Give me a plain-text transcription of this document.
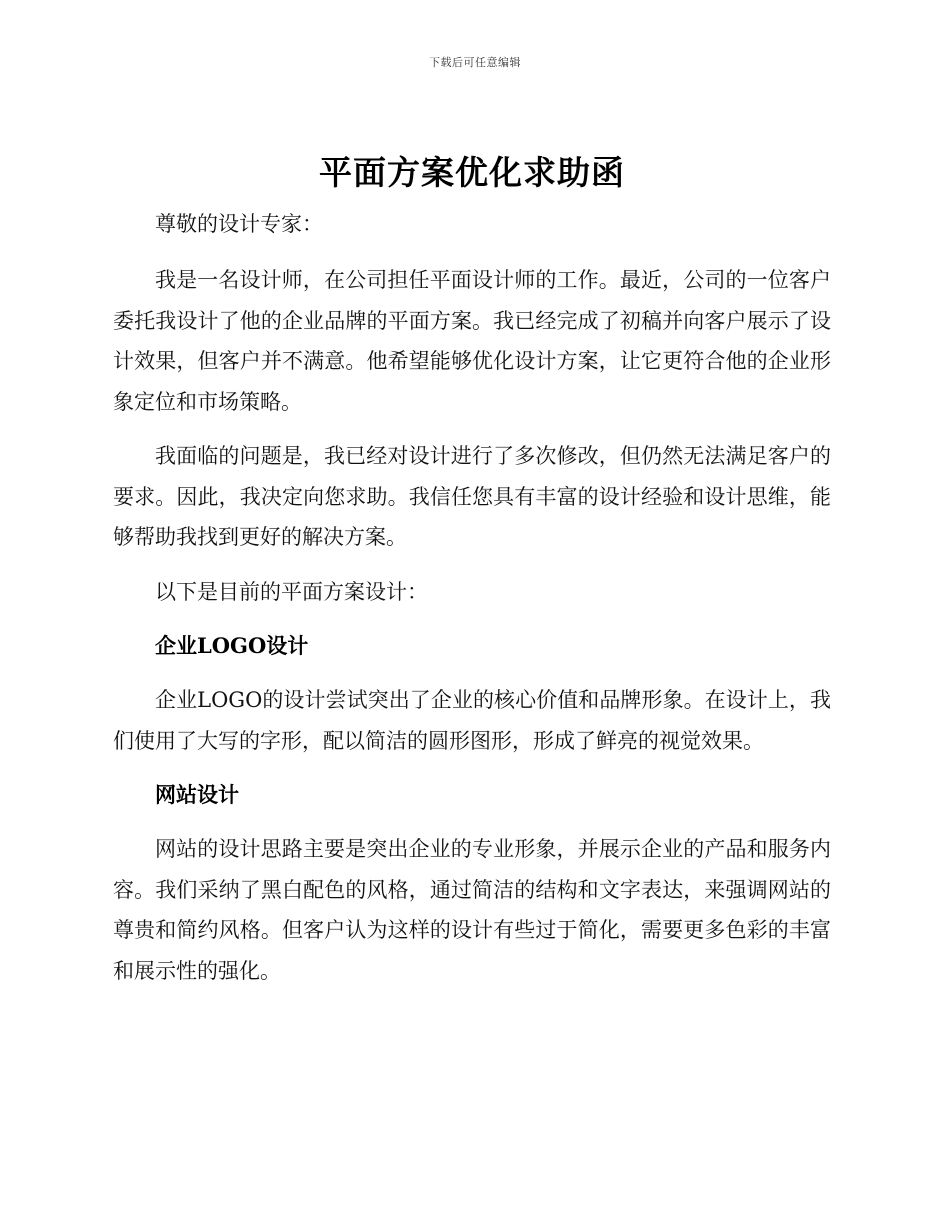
下载后可任意编辑
平面方案优化求助函

尊敬的设计专家：

我是一名设计师，在公司担任平面设计师的工作。最近，公司的一位客户委托我设计了他的企业品牌的平面方案。我已经完成了初稿并向客户展示了设计效果，但客户并不满意。他希望能够优化设计方案，让它更符合他的企业形象定位和市场策略。

我面临的问题是，我已经对设计进行了多次修改，但仍然无法满足客户的要求。因此，我决定向您求助。我信任您具有丰富的设计经验和设计思维，能够帮助我找到更好的解决方案。

以下是目前的平面方案设计：

企业LOGO设计

企业LOGO的设计尝试突出了企业的核心价值和品牌形象。在设计上，我们使用了大写的字形，配以简洁的圆形图形，形成了鲜亮的视觉效果。

网站设计

网站的设计思路主要是突出企业的专业形象，并展示企业的产品和服务内容。我们采纳了黑白配色的风格，通过简洁的结构和文字表达，来强调网站的尊贵和简约风格。但客户认为这样的设计有些过于简化，需要更多色彩的丰富和展示性的强化。
